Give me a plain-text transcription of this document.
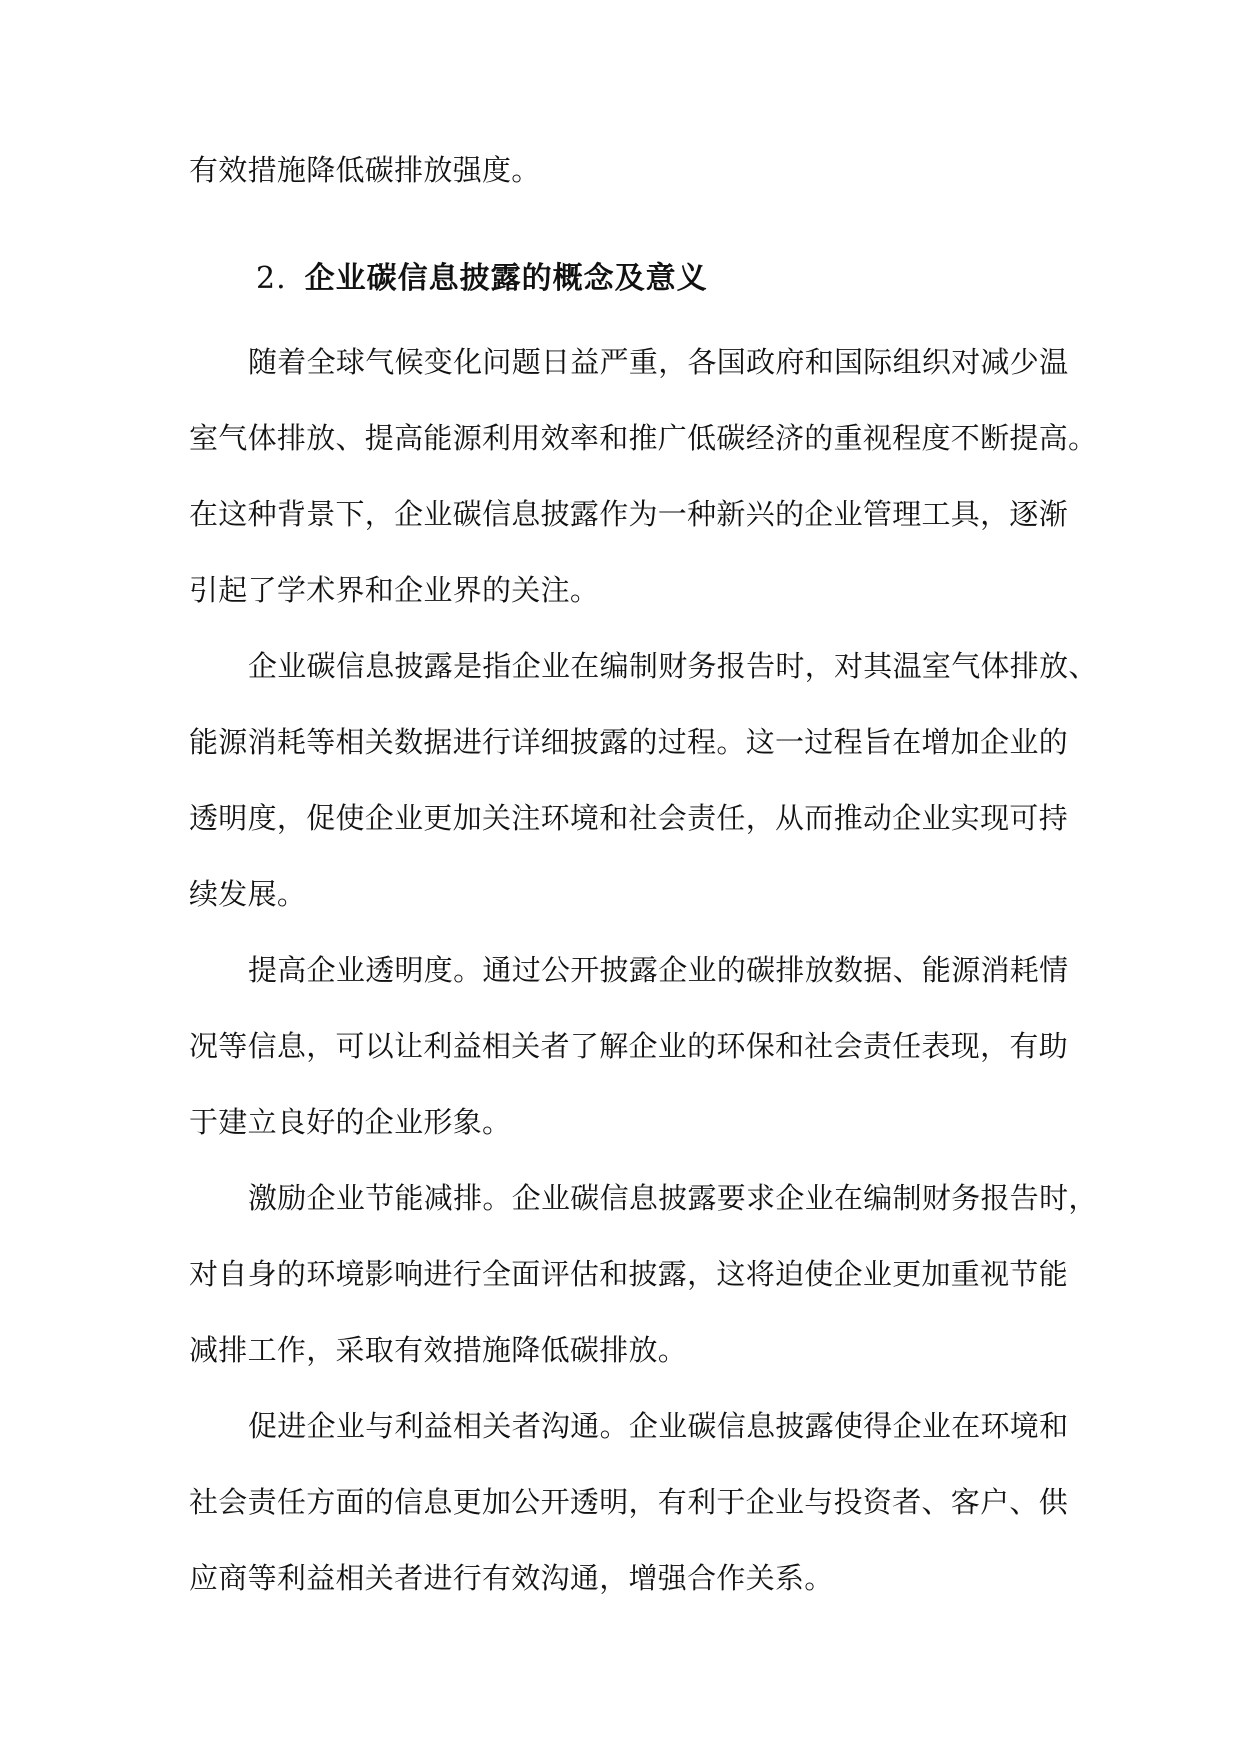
有效措施降低碳排放强度。
2. 企业碳信息披露的概念及意义
随着全球气候变化问题日益严重，各国政府和国际组织对减少温
室气体排放、提高能源利用效率和推广低碳经济的重视程度不断提高。
在这种背景下，企业碳信息披露作为一种新兴的企业管理工具，逐渐
引起了学术界和企业界的关注。
企业碳信息披露是指企业在编制财务报告时，对其温室气体排放、
能源消耗等相关数据进行详细披露的过程。这一过程旨在增加企业的
透明度，促使企业更加关注环境和社会责任，从而推动企业实现可持
续发展。
提高企业透明度。通过公开披露企业的碳排放数据、能源消耗情
况等信息，可以让利益相关者了解企业的环保和社会责任表现，有助
于建立良好的企业形象。
激励企业节能减排。企业碳信息披露要求企业在编制财务报告时，
对自身的环境影响进行全面评估和披露，这将迫使企业更加重视节能
减排工作，采取有效措施降低碳排放。
促进企业与利益相关者沟通。企业碳信息披露使得企业在环境和
社会责任方面的信息更加公开透明，有利于企业与投资者、客户、供
应商等利益相关者进行有效沟通，增强合作关系。
